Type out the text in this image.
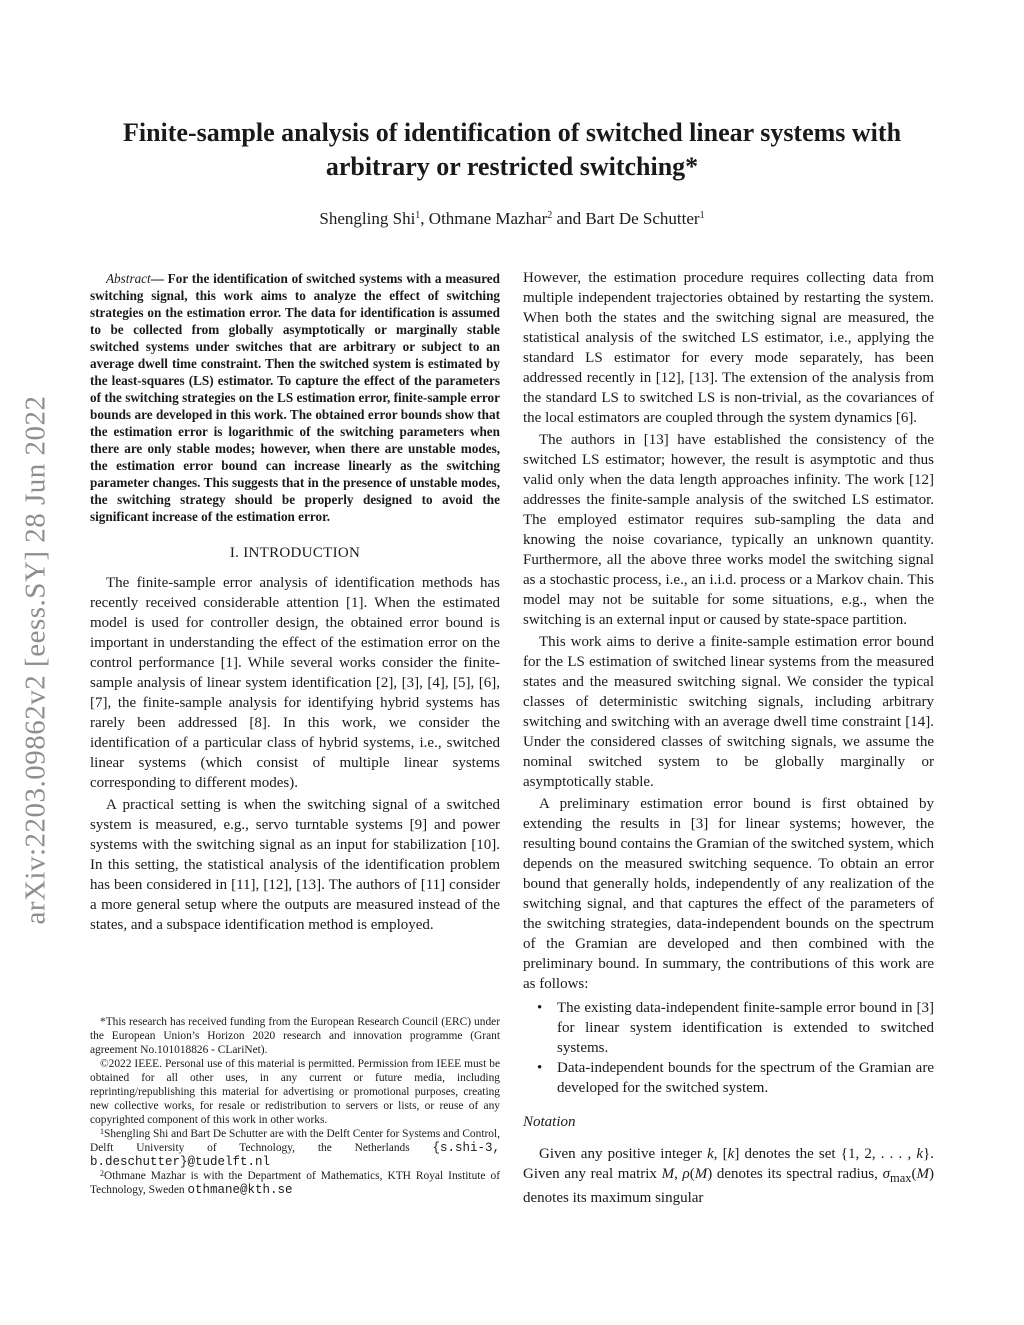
arXiv:2203.09862v2 [eess.SY] 28 Jun 2022
Finite-sample analysis of identification of switched linear systems with
arbitrary or restricted switching*
Shengling Shi$^1$, Othmane Mazhar$^2$ and Bart De Schutter$^1$

Abstract— For the identification of switched systems with a measured switching signal, this work aims to analyze the effect of switching strategies on the estimation error. The data for identification is assumed to be collected from globally asymptotically or marginally stable switched systems under switches that are arbitrary or subject to an average dwell time constraint. Then the switched system is estimated by the least-squares (LS) estimator. To capture the effect of the parameters of the switching strategies on the LS estimation error, finite-sample error bounds are developed in this work. The obtained error bounds show that the estimation error is logarithmic of the switching parameters when there are only stable modes; however, when there are unstable modes, the estimation error bound can increase linearly as the switching parameter changes. This suggests that in the presence of unstable modes, the switching strategy should be properly designed to avoid the significant increase of the estimation error.

I. INTRODUCTION

The finite-sample error analysis of identification methods has recently received considerable attention [1]. When the estimated model is used for controller design, the obtained error bound is important in understanding the effect of the estimation error on the control performance [1]. While several works consider the finite-sample analysis of linear system identification [2], [3], [4], [5], [6], [7], the finite-sample analysis for identifying hybrid systems has rarely been addressed [8]. In this work, we consider the identification of a particular class of hybrid systems, i.e., switched linear systems (which consist of multiple linear systems corresponding to different modes).

A practical setting is when the switching signal of a switched system is measured, e.g., servo turntable systems [9] and power systems with the switching signal as an input for stabilization [10]. In this setting, the statistical analysis of the identification problem has been considered in [11], [12], [13]. The authors of [11] consider a more general setup where the outputs are measured instead of the states, and a subspace identification method is employed.

*This research has received funding from the European Research Council (ERC) under the European Union’s Horizon 2020 research and innovation programme (Grant agreement No.101018826 - CLariNet).

©2022 IEEE. Personal use of this material is permitted. Permission from IEEE must be obtained for all other uses, in any current or future media, including reprinting/republishing this material for advertising or promotional purposes, creating new collective works, for resale or redistribution to servers or lists, or reuse of any copyrighted component of this work in other works.

$^1$Shengling Shi and Bart De Schutter are with the Delft Center for Systems and Control, Delft University of Technology, the Netherlands {s.shi-3, b.deschutter}@tudelft.nl

$^2$Othmane Mazhar is with the Department of Mathematics, KTH Royal Institute of Technology, Sweden othmane@kth.se

However, the estimation procedure requires collecting data from multiple independent trajectories obtained by restarting the system. When both the states and the switching signal are measured, the statistical analysis of the switched LS estimator, i.e., applying the standard LS estimator for every mode separately, has been addressed recently in [12], [13]. The extension of the analysis from the standard LS to switched LS is non-trivial, as the covariances of the local estimators are coupled through the system dynamics [6].

The authors in [13] have established the consistency of the switched LS estimator; however, the result is asymptotic and thus valid only when the data length approaches infinity. The work [12] addresses the finite-sample analysis of the switched LS estimator. The employed estimator requires sub-sampling the data and knowing the noise covariance, typically an unknown quantity. Furthermore, all the above three works model the switching signal as a stochastic process, i.e., an i.i.d. process or a Markov chain. This model may not be suitable for some situations, e.g., when the switching is an external input or caused by state-space partition.

This work aims to derive a finite-sample estimation error bound for the LS estimation of switched linear systems from the measured states and the measured switching signal. We consider the typical classes of deterministic switching signals, including arbitrary switching and switching with an average dwell time constraint [14]. Under the considered classes of switching signals, we assume the nominal switched system to be globally marginally or asymptotically stable.

A preliminary estimation error bound is first obtained by extending the results in [3] for linear systems; however, the resulting bound contains the Gramian of the switched system, which depends on the measured switching sequence. To obtain an error bound that generally holds, independently of any realization of the switching signal, and that captures the effect of the parameters of the switching strategies, data-independent bounds on the spectrum of the Gramian are developed and then combined with the preliminary bound. In summary, the contributions of this work are as follows:

• The existing data-independent finite-sample error bound in [3] for linear system identification is extended to switched systems.
• Data-independent bounds for the spectrum of the Gramian are developed for the switched system.
Notation

Given any positive integer k, [k] denotes the set {1, 2, . . . , k}. Given any real matrix M, ρ(M) denotes its spectral radius, $\sigma_{max}(M)$ denotes its maximum singular
